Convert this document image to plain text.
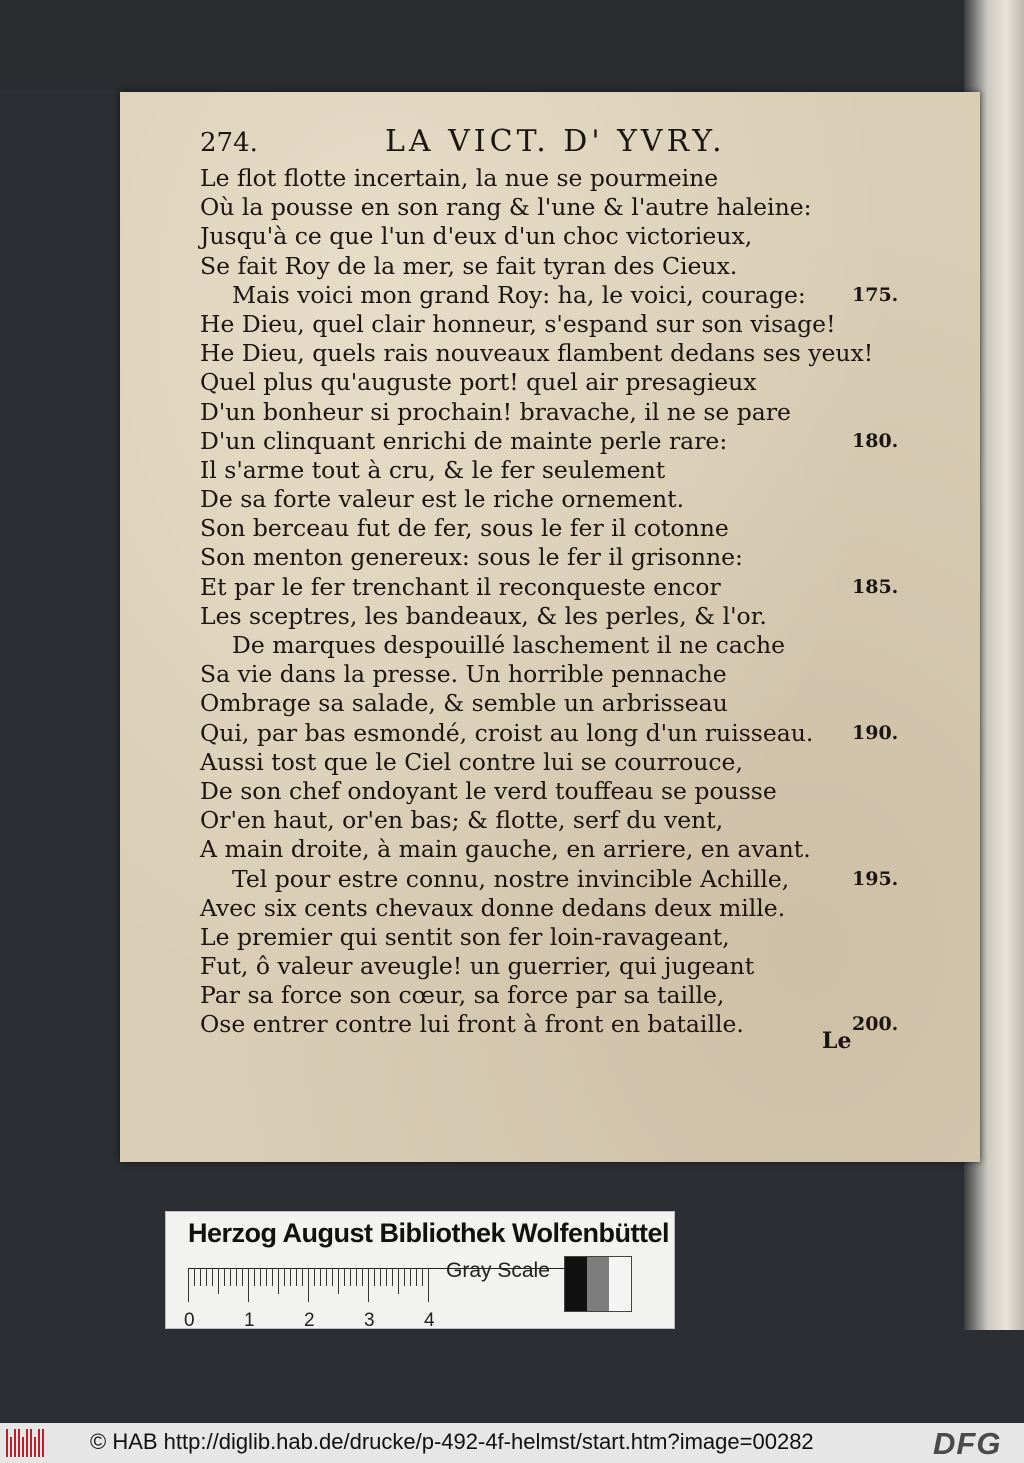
274.	LA VICT. D' YVRY.
Le flot flotte incertain, la nue se pourmeine
Où la pousse en son rang & l'une & l'autre haleine:
Jusqu'à ce que l'un d'eux d'un choc victorieux,
Se fait Roy de la mer, se fait tyran des Cieux.
Mais voici mon grand Roy: ha, le voici, courage: 175.
He Dieu, quel clair honneur, s'espand sur son visage!
He Dieu, quels rais nouveaux flambent dedans ses yeux!
Quel plus qu'auguste port! quel air presagieux
D'un bonheur si prochain! bravache, il ne se pare
D'un clinquant enrichi de mainte perle rare:	180.
Il s'arme tout à cru, & le fer seulement
De sa forte valeur est le riche ornement.
Son berceau fut de fer, sous le fer il cotonne
Son menton genereux: sous le fer il grisonne:
Et par le fer trenchant il reconqueste encor	185.
Les sceptres, les bandeaux, & les perles, & l'or.
De marques despouillé laschement il ne cache
Sa vie dans la presse. Un horrible pennache
Ombrage sa salade, & semble un arbrisseau
Qui, par bas esmondé, croist au long d'un ruisseau. 190.
Aussi tost que le Ciel contre lui se courrouce,
De son chef ondoyant le verd touffeau se pousse
Or'en haut, or'en bas; & flotte, serf du vent,
A main droite, à main gauche, en arriere, en avant.
Tel pour estre connu, nostre invincible Achille,	195.
Avec six cents chevaux donne dedans deux mille.
Le premier qui sentit son fer loin-ravageant,
Fut, ô valeur aveugle! un guerrier, qui jugeant
Par sa force son cœur, sa force par sa taille,
Ose entrer contre lui front à front en bataille.	200.
Le
Herzog August Bibliothek Wolfenbüttel
0	1	2	3	4
Gray Scale
© HAB http://diglib.hab.de/drucke/p-492-4f-helmst/start.htm?image=00282	DFG
